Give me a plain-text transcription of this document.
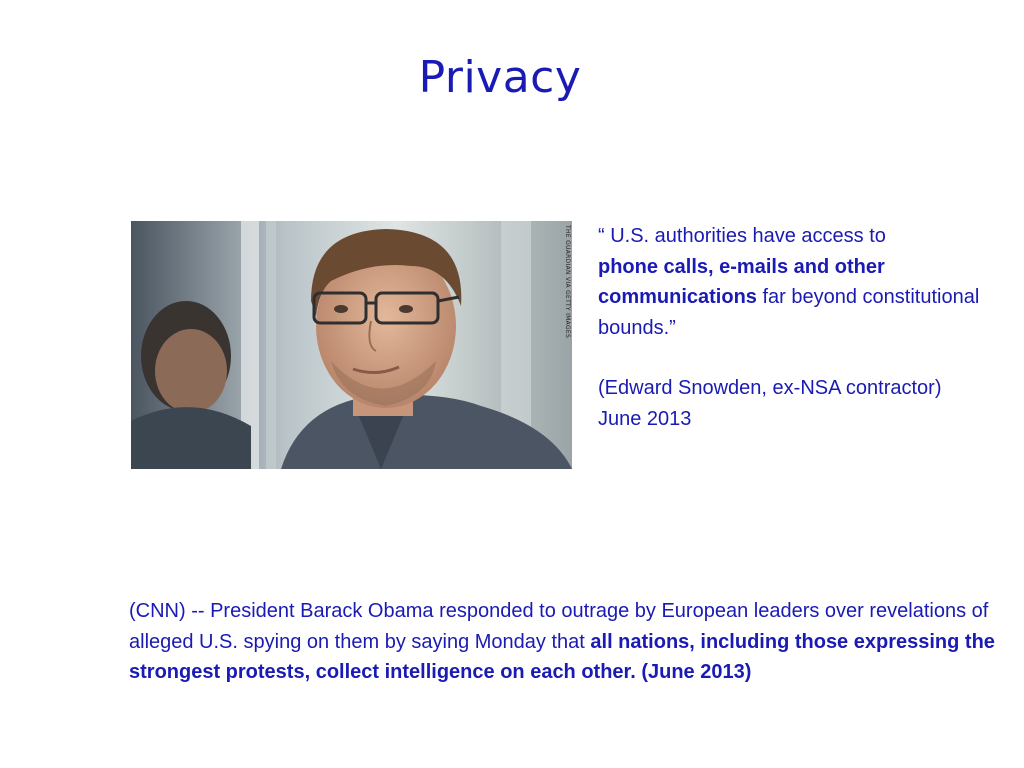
Privacy
THE GUARDIAN VIA GETTY IMAGES “ U.S. authorities have access to
phone calls, e-mails and other communications far beyond constitutional bounds.”
(Edward Snowden, ex-NSA contractor)
June 2013
(CNN) -- President Barack Obama responded to outrage by European leaders over revelations of alleged U.S. spying on them by saying Monday that all nations, including those expressing the strongest protests, collect intelligence on each other. (June 2013)
